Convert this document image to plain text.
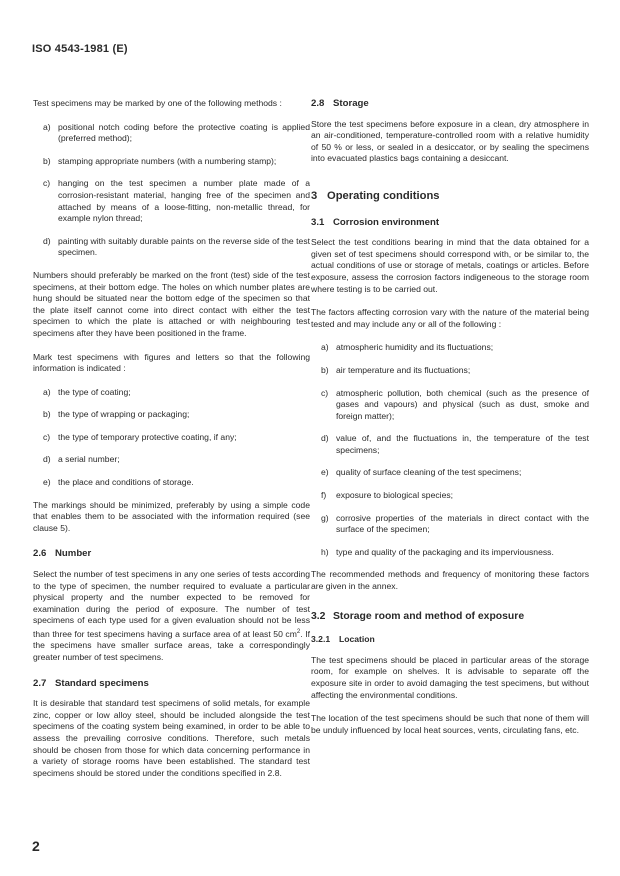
ISO 4543-1981 (E)

Test specimens may be marked by one of the following methods :

a) positional notch coding before the protective coating is applied (preferred method);
b) stamping appropriate numbers (with a numbering stamp);
c) hanging on the test specimen a number plate made of a corrosion-resistant material, hanging free of the specimen and attached by means of a loose-fitting, non-metallic thread, for example nylon thread;
d) painting with suitably durable paints on the reverse side of the test specimen.

Numbers should preferably be marked on the front (test) side of the test specimens, at their bottom edge. The holes on which number plates are hung should be situated near the bottom edge of the specimen so that the plate itself cannot come into direct contact with either the test specimen to which the plate is attached or with neighbouring test specimens after they have been positioned in the frame.

Mark test specimens with figures and letters so that the following information is indicated :

a) the type of coating;
b) the type of wrapping or packaging;
c) the type of temporary protective coating, if any;
d) a serial number;
e) the place and conditions of storage.

The markings should be minimized, preferably by using a simple code that enables them to be associated with the information required (see clause 5).

2.6 Number

Select the number of test specimens in any one series of tests according to the type of specimen, the number required to evaluate a particular physical property and the number expected to be removed for examination during the period of exposure. The number of test specimens of each type used for a given evaluation should not be less than three for test specimens having a surface area of at least 50 $cm^2$. If the specimens have smaller surface areas, take a correspondingly greater number of test specimens.

2.7 Standard specimens

It is desirable that standard test specimens of solid metals, for example zinc, copper or low alloy steel, should be included alongside the test specimens of the coating system being examined, in order to be able to assess the prevailing corrosive conditions. Therefore, such metals should be chosen from those for which data concerning performance in a variety of storage rooms have been established. The standard test specimens should be stored under the conditions specified in 2.8.

2.8 Storage

Store the test specimens before exposure in a clean, dry atmosphere in an air-conditioned, temperature-controlled room with a relative humidity of 50 % or less, or sealed in a desiccator, or by sealing the specimens into evacuated plastics bags containing a desiccant.

3 Operating conditions
3.1 Corrosion environment

Select the test conditions bearing in mind that the data obtained for a given set of test specimens should correspond with, or be similar to, the actual conditions of use or storage of metals, coatings or articles. Before exposure, assess the corrosion factors indigeneous to the storage room where testing is to be carried out.

The factors affecting corrosion vary with the nature of the material being tested and may include any or all of the following :

a) atmospheric humidity and its fluctuations;
b) air temperature and its fluctuations;
c) atmospheric pollution, both chemical (such as the presence of gases and vapours) and physical (such as dust, smoke and foreign matter);
d) value of, and the fluctuations in, the temperature of the test specimens;
e) quality of surface cleaning of the test specimens;
f)	exposure to biological species;
g) corrosive properties of the materials in direct contact with the surface of the specimen;
h) type and quality of the packaging and its imperviousness.

The recommended methods and frequency of monitoring these factors are given in the annex.

3.2 Storage room and method of exposure
3.2.1 Location

The test specimens should be placed in particular areas of the storage room, for example on shelves. It is advisable to separate off the exposure site in order to avoid damaging the test specimens, but without affecting the environmental conditions.

The location of the test specimens should be such that none of them will be unduly influenced by local heat sources, vents, circulating fans, etc.

2
